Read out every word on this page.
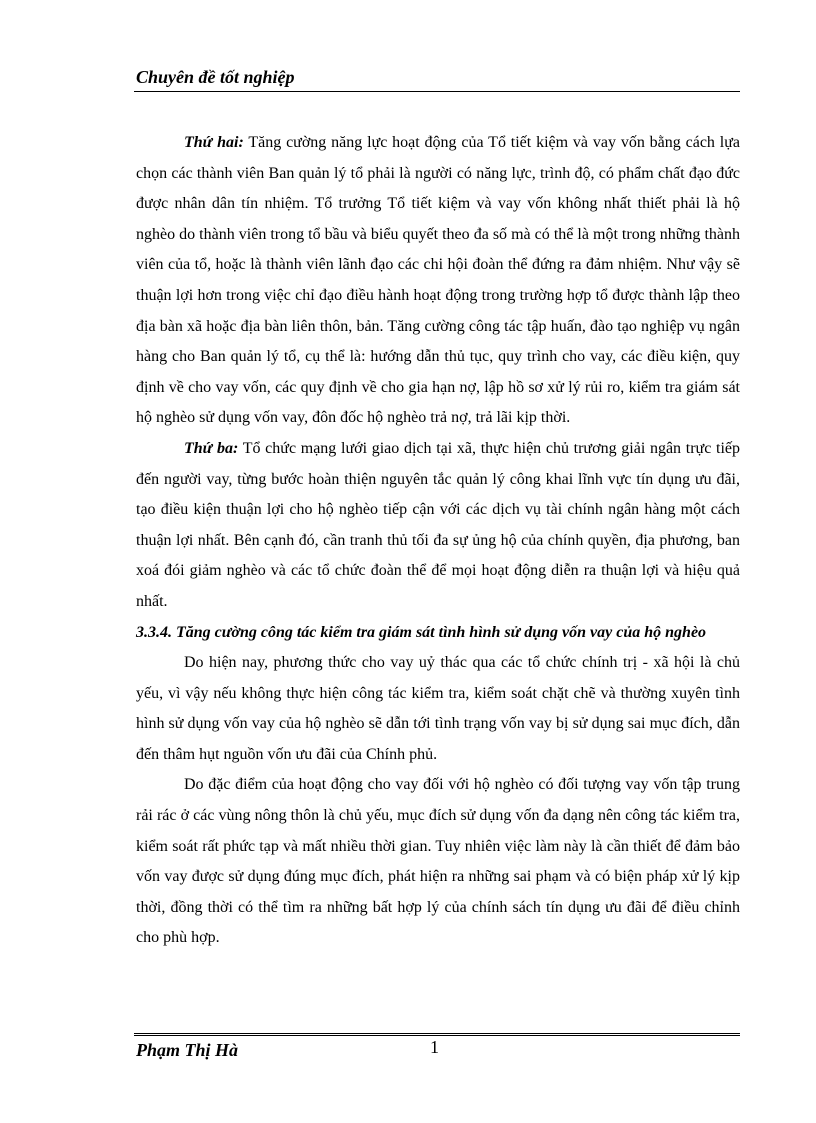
Chuyên đề tốt nghiệp

Thứ hai: Tăng cường năng lực hoạt động của Tổ tiết kiệm và vay vốn bằng cách lựa chọn các thành viên Ban quản lý tổ phải là người có năng lực, trình độ, có phẩm chất đạo đức được nhân dân tín nhiệm. Tổ trưởng Tổ tiết kiệm và vay vốn không nhất thiết phải là hộ nghèo do thành viên trong tổ bầu và biểu quyết theo đa số mà có thể là một trong những thành viên của tổ, hoặc là thành viên lãnh đạo các chi hội đoàn thể đứng ra đảm nhiệm. Như vậy sẽ thuận lợi hơn trong việc chỉ đạo điều hành hoạt động trong trường hợp tổ được thành lập theo địa bàn xã hoặc địa bàn liên thôn, bản. Tăng cường công tác tập huấn, đào tạo nghiệp vụ ngân hàng cho Ban quản lý tổ, cụ thể là: hướng dẫn thủ tục, quy trình cho vay, các điều kiện, quy định về cho vay vốn, các quy định về cho gia hạn nợ, lập hồ sơ xử lý rủi ro, kiểm tra giám sát hộ nghèo sử dụng vốn vay, đôn đốc hộ nghèo trả nợ, trả lãi kịp thời.

Thứ ba: Tổ chức mạng lưới giao dịch tại xã, thực hiện chủ trương giải ngân trực tiếp đến người vay, từng bước hoàn thiện nguyên tắc quản lý công khai lĩnh vực tín dụng ưu đãi, tạo điều kiện thuận lợi cho hộ nghèo tiếp cận với các dịch vụ tài chính ngân hàng một cách thuận lợi nhất. Bên cạnh đó, cần tranh thủ tối đa sự ủng hộ của chính quyền, địa phương, ban xoá đói giảm nghèo và các tổ chức đoàn thể để mọi hoạt động diễn ra thuận lợi và hiệu quả nhất.

3.3.4. Tăng cường công tác kiểm tra giám sát tình hình sử dụng vốn vay của hộ nghèo

Do hiện nay, phương thức cho vay uỷ thác qua các tổ chức chính trị - xã hội là chủ yếu, vì vậy nếu không thực hiện công tác kiểm tra, kiểm soát chặt chẽ và thường xuyên tình hình sử dụng vốn vay của hộ nghèo sẽ dẫn tới tình trạng vốn vay bị sử dụng sai mục đích, dẫn đến thâm hụt nguồn vốn ưu đãi của Chính phủ.

Do đặc điểm của hoạt động cho vay đối với hộ nghèo có đối tượng vay vốn tập trung rải rác ở các vùng nông thôn là chủ yếu, mục đích sử dụng vốn đa dạng nên công tác kiểm tra, kiểm soát rất phức tạp và mất nhiều thời gian. Tuy nhiên việc làm này là cần thiết để đảm bảo vốn vay được sử dụng đúng mục đích, phát hiện ra những sai phạm và có biện pháp xử lý kịp thời, đồng thời có thể tìm ra những bất hợp lý của chính sách tín dụng ưu đãi để điều chỉnh cho phù hợp.

Phạm Thị Hà	1
